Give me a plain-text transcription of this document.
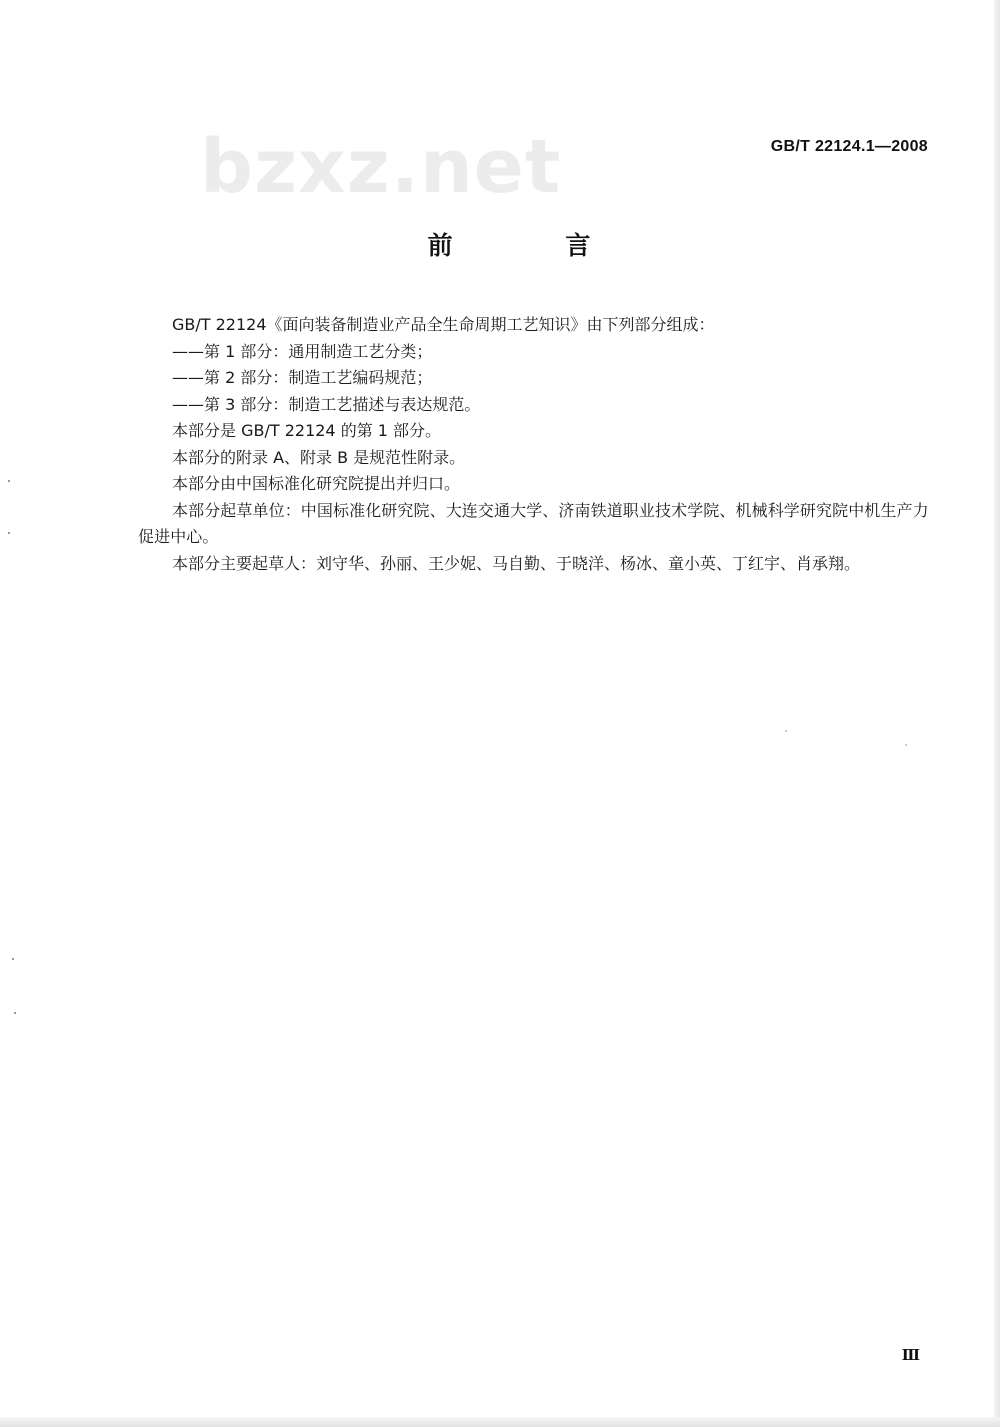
bzxz.net	GB/T 22124.1—2008
前 言

GB/T 22124《面向装备制造业产品全生命周期工艺知识》由下列部分组成：

——第 1 部分：通用制造工艺分类；

——第 2 部分：制造工艺编码规范；

——第 3 部分：制造工艺描述与表达规范。

本部分是 GB/T 22124 的第 1 部分。

本部分的附录 A、附录 B 是规范性附录。

本部分由中国标准化研究院提出并归口。

本部分起草单位：中国标准化研究院、大连交通大学、济南铁道职业技术学院、机械科学研究院中机生产力促进中心。

本部分主要起草人：刘守华、孙丽、王少妮、马自勤、于晓洋、杨冰、童小英、丁红宇、肖承翔。

Ⅲ
